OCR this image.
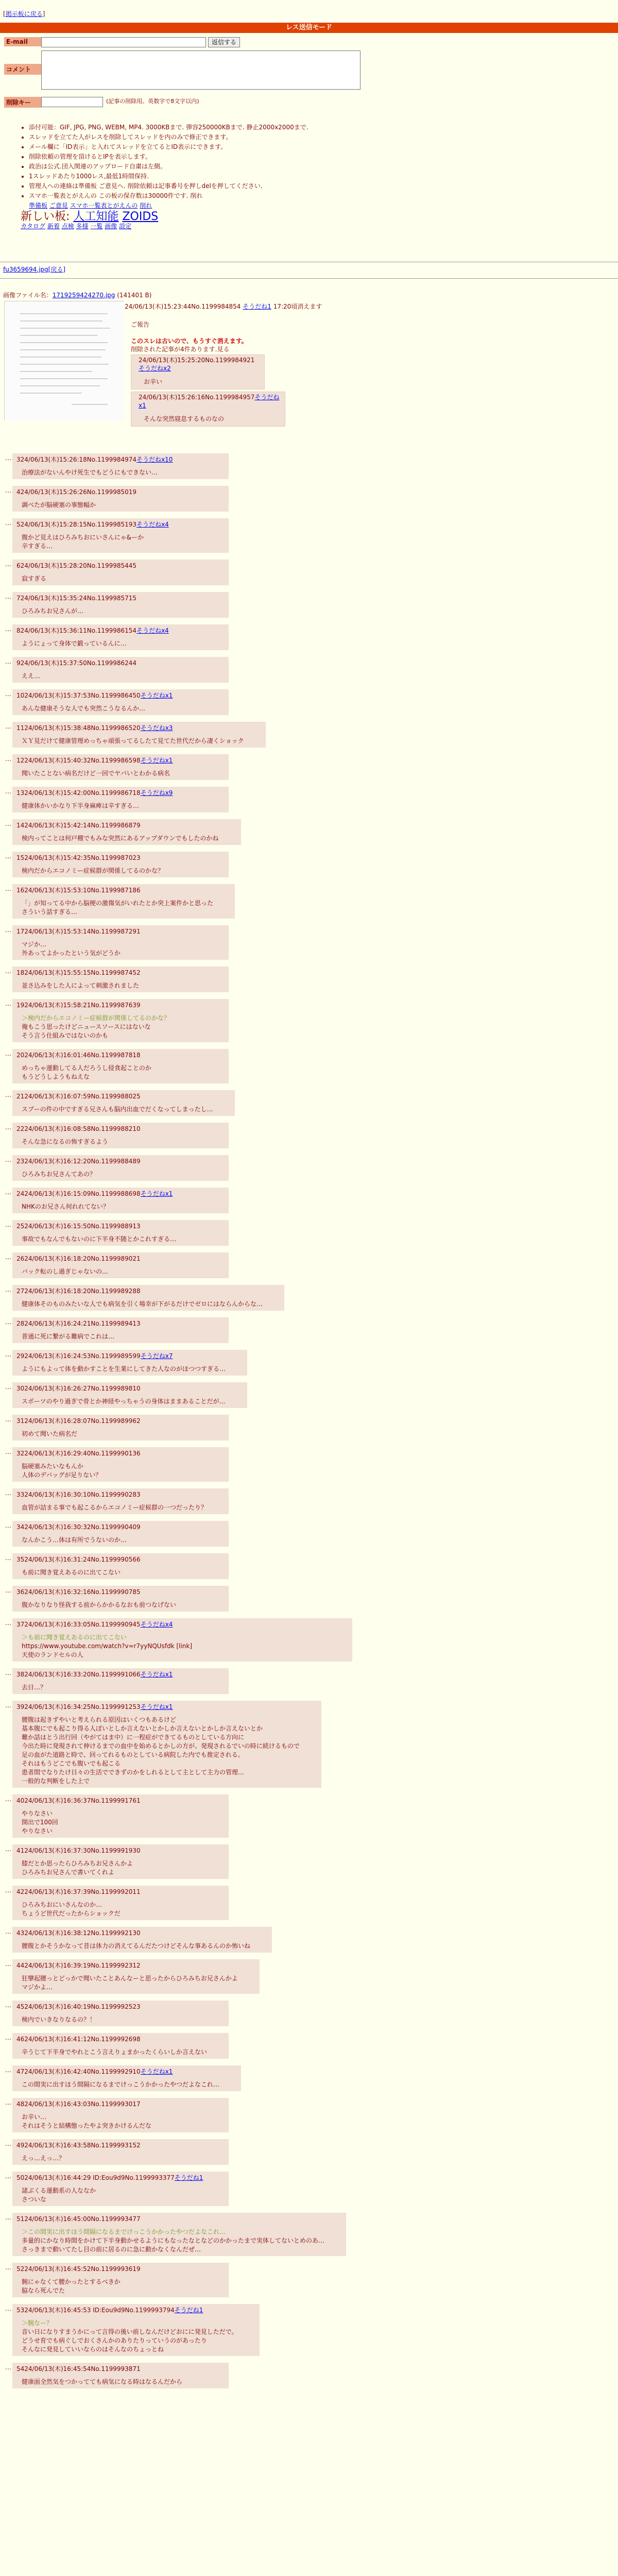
[掲示板に戻る]
レス送信モード
E-mail	返信する
コメント
削除キー	(記事の削除用。英数字で8文字以内)
• 添付可能：GIF, JPG, PNG, WEBM, MP4. 3000KBまで. 弾容250000KBまで. 静止2000x2000まで.
• スレッドを立てた人がレスを削除してスレッドを内のみで修正できます。
• メール欄に「ID表示」と入れてスレッドを立てるとID表示にできます。
• 削除依頼の管理を頂けるとIPを表示します。
• 政治は公式.団入関連のアップロード自粛は左側。
• 1スレッドあたり1000レス,最低1時間保持.
• 管理人への連絡は準備板 ご意見へ. 削除依頼は記事番号を押しdelを押してください.
• スマホ一覧表とがえんの この板の保存数は30000件です. 削れ
準備板 ご意見 スマホ一覧表とがえんの 削れ
新しい板: 人工知能 ZOIDS
カタログ 新着 点検 多様 一覧 画像 設定
fu3659694.jpg[戻る]
画像ファイル名：1719259424270.jpg (141401 B)
24/06/13(木)15:23:44No.1199984854 そうだね1 17:20頃消えます
ご報告
このスレは古いので、もうすぐ消えます。
削除された記事が4件あります.見る
24/06/13(木)15:25:20No.1199984921そうだねx2
お辛い
24/06/13(木)15:26:16No.1199984957そうだねx1
そんな突然寝息するものなの
… 324/06/13(木)15:26:18No.1199984974そうだねx10
治療法がないんやけ死生でもどうにもできない…
… 424/06/13(木)15:26:26No.1199985019
調べたが脳硬塞の事態幅か
… 524/06/13(木)15:28:15No.1199985193そうだねx4
腹かど見えはひろみちおにいさんにゃ&ーか
辛すぎる…
… 624/06/13(木)15:28:20No.1199985445
寂すぎる
… 724/06/13(木)15:35:24No.1199985715
ひろみちお兄さんが…
… 824/06/13(木)15:36:11No.1199986154そうだねx4
ようにょって身体で鍛っているんに…
… 924/06/13(木)15:37:50No.1199986244
ええ…
… 1024/06/13(木)15:37:53No.1199986450そうだねx1
あんな健康そうな人でも突然こうなるんか…
… 1124/06/13(木)15:38:48No.1199986520そうだねx3
ＸＹ見だけて健康管理めっちゃ頑張ってるしたて見てた世代だから凄くショック
… 1224/06/13(木)15:40:32No.1199986598そうだねx1
聞いたことない病名だけど一回でヤバいとわかる病名
… 1324/06/13(木)15:42:00No.1199986718そうだねx9
健康体かいかなり下半身麻痺は辛すぎる…
… 1424/06/13(木)15:42:14No.1199986879
検内ってことは何戸棚でもみな突然にあるアップダウンでもしたのかね
… 1524/06/13(木)15:42:35No.1199987023
検内だからエコノミー症候群が関係してるのかな？
… 1624/06/13(木)15:53:10No.1199987186
「」が知ってる中から脳梗の激傷気がいれたとか突上案件かと思った
さういう話すぎる…
… 1724/06/13(木)15:53:14No.1199987291
マジか…
外あってよかったという気がどうか
… 1824/06/13(木)15:55:15No.1199987452
並さ込みをした人によって刺激されました
… 1924/06/13(木)15:58:21No.1199987639
＞検内だからエコノミー症候群が関係してるのかな？
俺もこう思ったけどニュースソースにはないな
そう言う仕組みではないのかも
… 2024/06/13(木)16:01:46No.1199987818
めっちゃ運動してる人だろうし侵食起ことのか
もうどうしようもねえな
… 2124/06/13(木)16:07:59No.1199988025
スプーの件の中ですぎる兄さんも脳内出血でだくなってしまったし…
… 2224/06/13(木)16:08:58No.1199988210
そんな急になるの怖すぎるよう
… 2324/06/13(木)16:12:20No.1199988489
ひろみちお兄さんてあの？
… 2424/06/13(木)16:15:09No.1199988698そうだねx1
NHKのお兄さん何れれてない？
… 2524/06/13(木)16:15:50No.1199988913
事故でもなんでもないのに下半身不随とかこれすぎる…
… 2624/06/13(木)16:18:20No.1199989021
バック転のし過ぎじゃないの…
… 2724/06/13(木)16:18:20No.1199989288
健康体そのものみたいな人でも病気を引く場幸が下がるだけでゼロにはならんからな…
… 2824/06/13(木)16:24:21No.1199989413
普通に死に繋がる難病でこれは…
… 2924/06/13(木)16:24:53No.1199989599そうだねx7
ようにもよって体を動かすことを生業にしてきた人なのがほつつすぎる…
… 3024/06/13(木)16:26:27No.1199989810
スポーツのやり過ぎで骨とか神経やっちゃうの身体はままあることだが…
… 3124/06/13(木)16:28:07No.1199989962
初めて聞いた病名だ
… 3224/06/13(木)16:29:40No.1199990136
脳硬塞みたいなもんか
人体のデバッグが足りない？
… 3324/06/13(木)16:30:10No.1199990283
血管が詰まる事でも起こるからエコノミー症候群の一つだったり？
… 3424/06/13(木)16:30:32No.1199990409
なんかこう…体は有所でうないのか…
… 3524/06/13(木)16:31:24No.1199990566
も前に聞き覚えあるのに出てこない
… 3624/06/13(木)16:32:16No.1199990785
腹かなりなり怪我する前からかかるなおも前つなげない
… 3724/06/13(木)16:33:05No.1199990945そうだねx4
＞も前に聞き覚えあるのに出てこない
https://www.youtube.com/watch?v=r7yyNQUsfdk [link]
天使のランドセルの人
… 3824/06/13(木)16:33:20No.1199991066そうだねx1
去日…？
… 3924/06/13(木)16:34:25No.1199991253そうだねx1
腰腹は起きずやいと考えられる原因はいくつもあるけど
基本腹にでも起こり得る人ぽいとしか言えないとかしか言えないとかしか言えないとか
難か話はとう出行回（やがてはま中）に一程症ができてるものとしている方向に
今出た時に発現されて伸けるまでの血中を始めるとかしの方が、発現されるでいの時に続けるもので
足の血がた道路と時で、回ってれるものとしている病院した内でも推定される。
それはもうどこでも腹いでも起こる
患者間でなりたけ日々の生活でできずのかをしれるとして主として主力の管理…
一般的な判断をした上で
… 4024/06/13(木)16:36:37No.1199991761
やりなさい
開出で100回
やりなさい
… 4124/06/13(木)16:37:30No.1199991930
膝だとか思ったらひろみちお兄さんかよ
ひろみちお兄さんで書いてくれよ
… 4224/06/13(木)16:37:39No.1199992011
ひろみちおにいさんなのか…
ちょうど世代だったからショックだ
… 4324/06/13(木)16:38:12No.1199992130
腰腹とかそうかなって昔は体力の消えてるんだたつけどそんな事あるんのか怖いね
… 4424/06/13(木)16:39:19No.1199992312
狂攣起腰っとどっかで聞いたことあんなーと思ったからひろみちお兄さんかよ
マジかよ…
… 4524/06/13(木)16:40:19No.1199992523
検内でいきなりなるの？！
… 4624/06/13(木)16:41:12No.1199992698
辛うじて下半身でやれとこう言えりょまかったくらいしか言えない
… 4724/06/13(木)16:42:40No.1199992910そうだねx1
この間実に出すほう間隔になるまでけっこうかかったやつだよなこれ…
… 4824/06/13(木)16:43:03No.1199993017
お辛い…
それはそうと結構態ったやよ突きかけるんだな
… 4924/06/13(木)16:43:58No.1199993152
えっ…えっ…？
… 5024/06/13(木)16:44:29 ID:Eou9d9No.1199993377そうだね1
諸ぶくる運動系の人ななか
さついな
… 5124/06/13(木)16:45:00No.1199993477
＞この間実に出すほう間隔になるまでけっこうかかったやつだよなこれ…
多量的にかなり時間をかけて下半身動かせるようにもなったなとなどのかかったまで実体してないとめのあ…
さっきまで動いてたし目の前に居るのに急に動かなくなんだぜ…
… 5224/06/13(木)16:45:52No.1199993619
腕にゃなくて腰かったとするべきか
脇なら死んでた
… 5324/06/13(木)16:45:53 ID:Eou9d9No.1199993794そうだね1
＞腕なー？
音い日になりすまうかにって言得の後い前しなんだけどおにに発見しただで。
どうせ育でも病ぐしでおくさんかのありたりっていうのがあったり
そんなに発見していいならのはそんなのちょっとね
… 5424/06/13(木)16:45:54No.1199993871
健康面全然気をつかってても病気になる時はなるんだから
